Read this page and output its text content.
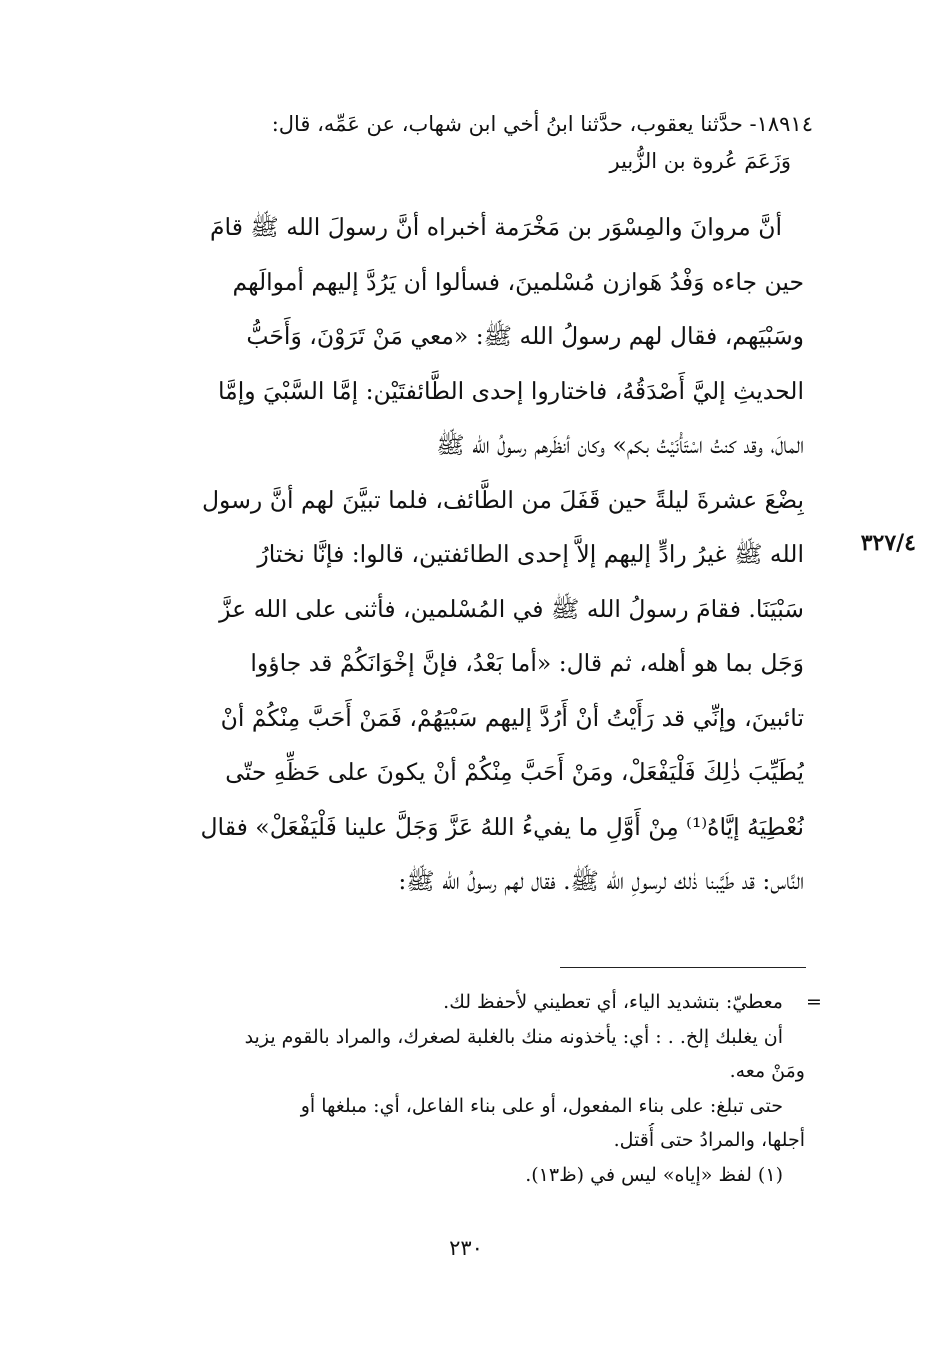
١٨٩١٤- حدَّثنا يعقوب، حدَّثنا ابنُ أخي ابن شهاب، عن عَمِّه، قال:
وَزَعَمَ عُروة بن الزُّبير
أنَّ مروانَ والمِسْوَر بن مَخْرَمة أخبراه أنَّ رسولَ الله ﷺ قامَ
حين جاءه وَفْدُ هَوازن مُسْلمينَ، فسألوا أن يَرُدَّ إليهم أموالَهم
وسَبْيَهم، فقال لهم رسولُ الله ﷺ: «معي مَنْ تَرَوْنَ، وَأَحَبُّ
الحديثِ إليَّ أَصْدَقُهُ، فاختاروا إحدى الطَّائفتَيْن: إمَّا السَّبْيَ وإمَّا
المالَ، وقد كنتُ اسْتَأْنَيْتُ بكم» وكان أنظَرهم رسولُ الله ﷺ
بِضْعَ عشرةَ ليلةً حين قَفَلَ من الطَّائف، فلما تبيَّنَ لهم أنَّ رسول
الله ﷺ غيرُ رادٍّ إليهم إلاَّ إحدى الطائفتين، قالوا: فإنَّا نختارُ
سَبْيَنَا. فقامَ رسولُ الله ﷺ في المُسْلمين، فأثنى على الله عزَّ
وَجَل بما هو أهله، ثم قال: «أما بَعْدُ، فإنَّ إخْوَانَكُمْ قد جاؤوا
تائبينَ، وإنِّي قد رَأَيْتُ أنْ أَرُدَّ إليهم سَبْيَهُمْ، فَمَنْ أَحَبَّ مِنْكُمْ أنْ
يُطَيِّبَ ذٰلِكَ فَلْيَفْعَلْ، ومَنْ أَحَبَّ مِنْكُمْ أنْ يكونَ على حَظِّهِ حتّى
نُعْطِيَهُ إيَّاهُ⁽¹⁾ مِنْ أَوَّلِ ما يفيءُ اللهُ عَزَّ وَجَلَّ علينا فَلْيَفْعَلْ» فقال
النَّاس: قد طَيَّبنا ذٰلك لرسولِ الله ﷺ. فقال لهم رسولُ الله ﷺ:
٣٢٧/٤
=
معطيّ: بتشديد الياء، أي تعطيني لأحفظ لك.
أن يغلبك إلخ. . : أي: يأخذونه منك بالغلبة لصغرك، والمراد بالقوم يزيد
ومَنْ معه.
حتى تبلغ: على بناء المفعول، أو على بناء الفاعل، أي: مبلغها أو
أجلها، والمرادُ حتى أُقتل.
(١) لفظ «إياه» ليس في (ظ١٣).
٢٣٠
